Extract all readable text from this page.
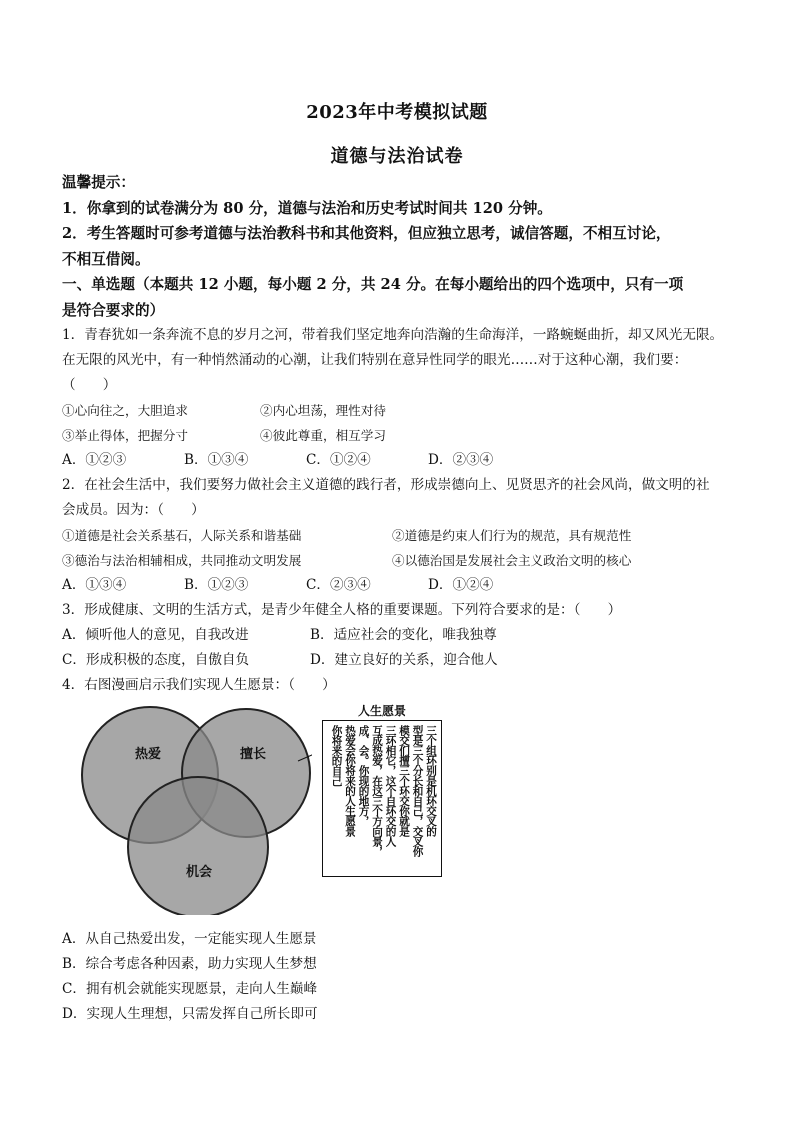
2023年中考模拟试题
道德与法治试卷
温馨提示：
1．你拿到的试卷满分为 80 分，道德与法治和历史考试时间共 120 分钟。
2．考生答题时可参考道德与法治教科书和其他资料，但应独立思考，诚信答题，不相互讨论，
不相互借阅。
一、单选题（本题共 12 小题，每小题 2 分，共 24 分。在每小题给出的四个选项中，只有一项
是符合要求的）
1．青春犹如一条奔流不息的岁月之河，带着我们坚定地奔向浩瀚的生命海洋，一路蜿蜒曲折，却又风光无限。
在无限的风光中，有一种悄然涌动的心潮，让我们特别在意异性同学的眼光……对于这种心潮，我们要：
（　　）
①心向往之，大胆追求	②内心坦荡，理性对待
③举止得体，把握分寸	④彼此尊重，相互学习
A．①②③	B．①③④	C．①②④	D．②③④
2．在社会生活中，我们要努力做社会主义道德的践行者，形成崇德向上、见贤思齐的社会风尚，做文明的社
会成员。因为：（　　）
①道德是社会关系基石，人际关系和谐基础	②道德是约束人们行为的规范，具有规范性
③德治与法治相辅相成，共同推动文明发展	④以德治国是发展社会主义政治文明的核心
A．①③④	B．①②③	C．②③④	D．①②④
3．形成健康、文明的生活方式，是青少年健全人格的重要课题。下列符合要求的是：（　　）
A．倾听他人的意见，自我改进	B．适应社会的变化，唯我独尊
C．形成积极的态度，自傲自负	D．建立良好的关系，迎合他人
4．右图漫画启示我们实现人生愿景：（　　）
热爱	擅长
机会
人生愿景
三个组环别是机环交叉的
型是三个分长和自己，交叉你
模交们擅三个环交你就是
三环相它，这个自环交的人
互成热爱，在这三个方向景，
成、会。你现的地方，
热爱会你将来的人生愿景
你将来的自己
A．从自己热爱出发，一定能实现人生愿景
B．综合考虑各种因素，助力实现人生梦想
C．拥有机会就能实现愿景，走向人生巅峰
D．实现人生理想，只需发挥自己所长即可
